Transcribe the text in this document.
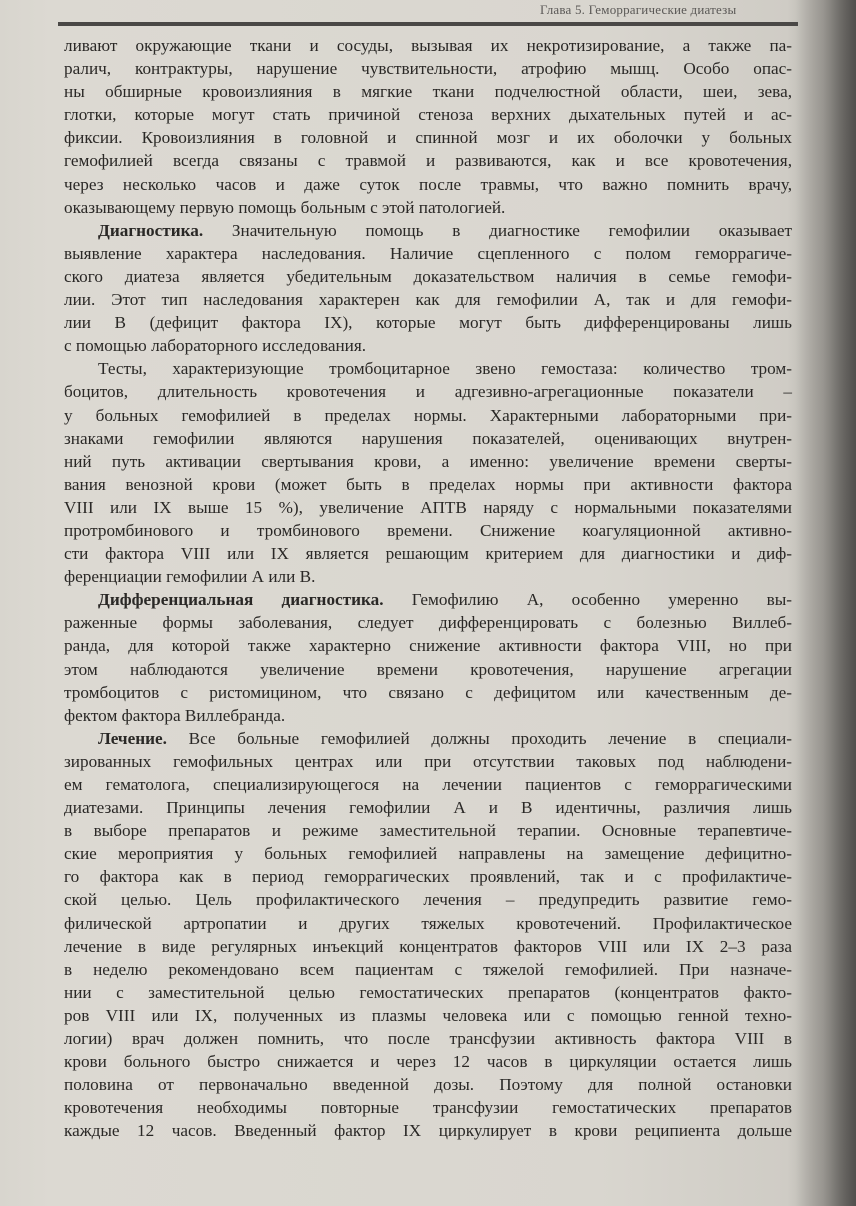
Глава 5. Геморрагические диатезы
ливают окружающие ткани и сосуды, вызывая их некротизирование, а также па-
ралич, контрактуры, нарушение чувствительности, атрофию мышц. Особо опас-
ны обширные кровоизлияния в мягкие ткани подчелюстной области, шеи, зева,
глотки, которые могут стать причиной стеноза верхних дыхательных путей и ас-
фиксии. Кровоизлияния в головной и спинной мозг и их оболочки у больных
гемофилией всегда связаны с травмой и развиваются, как и все кровотечения,
через несколько часов и даже суток после травмы, что важно помнить врачу,
оказывающему первую помощь больным с этой патологией.
Диагностика. Значительную помощь в диагностике гемофилии оказывает
выявление характера наследования. Наличие сцепленного с полом геморрагиче-
ского диатеза является убедительным доказательством наличия в семье гемофи-
лии. Этот тип наследования характерен как для гемофилии А, так и для гемофи-
лии В (дефицит фактора IX), которые могут быть дифференцированы лишь
с помощью лабораторного исследования.
Тесты, характеризующие тромбоцитарное звено гемостаза: количество тром-
боцитов, длительность кровотечения и адгезивно-агрегационные показатели –
у больных гемофилией в пределах нормы. Характерными лабораторными при-
знаками гемофилии являются нарушения показателей, оценивающих внутрен-
ний путь активации свертывания крови, а именно: увеличение времени сверты-
вания венозной крови (может быть в пределах нормы при активности фактора
VIII или IX выше 15 %), увеличение АПТВ наряду с нормальными показателями
протромбинового и тромбинового времени. Снижение коагуляционной активно-
сти фактора VIII или IX является решающим критерием для диагностики и диф-
ференциации гемофилии А или В.
Дифференциальная диагностика. Гемофилию А, особенно умеренно вы-
раженные формы заболевания, следует дифференцировать с болезнью Виллеб-
ранда, для которой также характерно снижение активности фактора VIII, но при
этом наблюдаются увеличение времени кровотечения, нарушение агрегации
тромбоцитов с ристомицином, что связано с дефицитом или качественным де-
фектом фактора Виллебранда.
Лечение. Все больные гемофилией должны проходить лечение в специали-
зированных гемофильных центрах или при отсутствии таковых под наблюдени-
ем гематолога, специализирующегося на лечении пациентов с геморрагическими
диатезами. Принципы лечения гемофилии А и В идентичны, различия лишь
в выборе препаратов и режиме заместительной терапии. Основные терапевтиче-
ские мероприятия у больных гемофилией направлены на замещение дефицитно-
го фактора как в период геморрагических проявлений, так и с профилактиче-
ской целью. Цель профилактического лечения – предупредить развитие гемо-
филической артропатии и других тяжелых кровотечений. Профилактическое
лечение в виде регулярных инъекций концентратов факторов VIII или IX 2–3 раза
в неделю рекомендовано всем пациентам с тяжелой гемофилией. При назначе-
нии с заместительной целью гемостатических препаратов (концентратов факто-
ров VIII или IX, полученных из плазмы человека или с помощью генной техно-
логии) врач должен помнить, что после трансфузии активность фактора VIII в
крови больного быстро снижается и через 12 часов в циркуляции остается лишь
половина от первоначально введенной дозы. Поэтому для полной остановки
кровотечения необходимы повторные трансфузии гемостатических препаратов
каждые 12 часов. Введенный фактор IX циркулирует в крови реципиента дольше
